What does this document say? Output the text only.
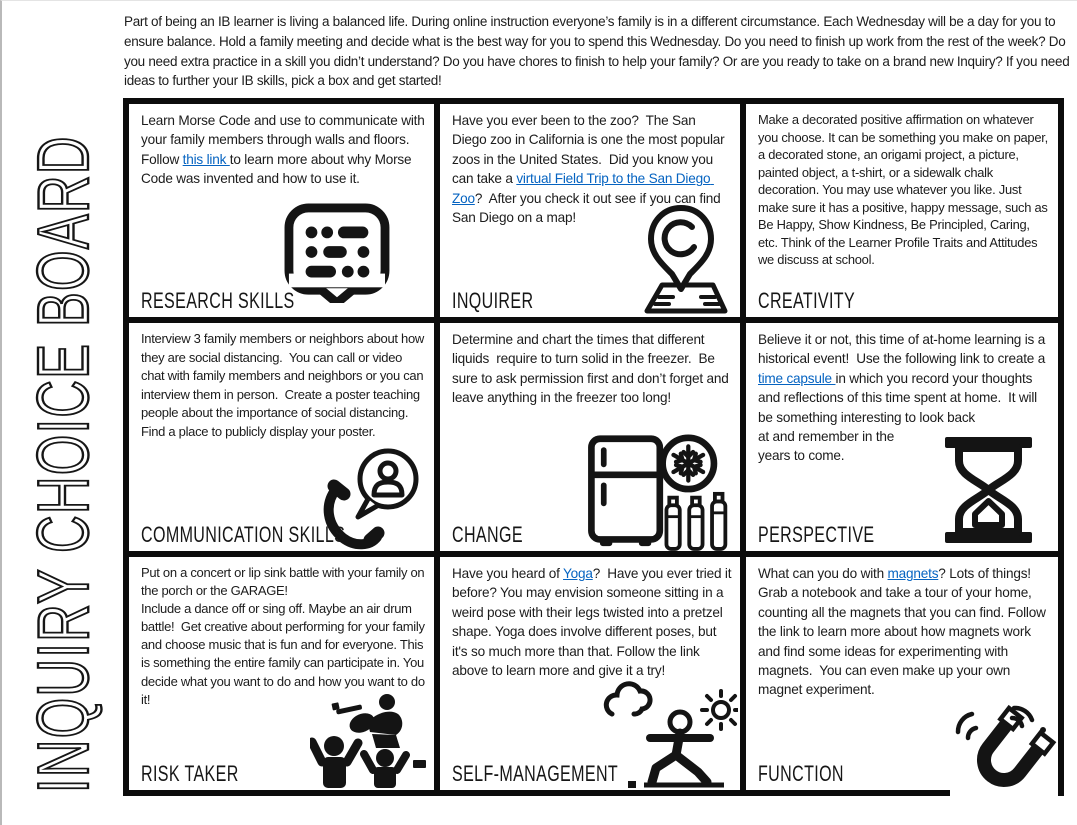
INQUIRY CHOICE BOARD

Part of being an IB learner is living a balanced life. During online instruction everyone’s family is in a different circumstance. Each Wednesday will be a day for you to ensure balance. Hold a family meeting and decide what is the best way for you to spend this Wednesday. Do you need to finish up work from the rest of the week? Do you need extra practice in a skill you didn’t understand? Do you have chores to finish to help your family? Or are you ready to take on a brand new Inquiry? If you need ideas to further your IB skills, pick a box and get started!

Learn Morse Code and use to communicate with your family members through walls and floors.  Follow this link to learn more about why Morse Code was invented and how to use it.

RESEARCH SKILLS

Have you ever been to the zoo?  The San Diego zoo in California is one the most popular zoos in the United States.  Did you know you can take a virtual Field Trip to the San Diego Zoo?  After you check it out see if you can find San Diego on a map!

INQUIRER

Make a decorated positive affirmation on whatever you choose. It can be something you make on paper, a decorated stone, an origami project, a picture, painted object, a t-shirt, or a sidewalk chalk decoration. You may use whatever you like. Just make sure it has a positive, happy message, such as Be Happy, Show Kindness, Be Principled, Caring, etc. Think of the Learner Profile Traits and Attitudes we discuss at school.

CREATIVITY

Interview 3 family members or neighbors about how they are social distancing.  You can call or video chat with family members and neighbors or you can interview them in person.  Create a poster teaching people about the importance of social distancing.  Find a place to publicly display your poster.

COMMUNICATION SKILLS

Determine and chart the times that different liquids  require to turn solid in the freezer.  Be sure to ask permission first and don’t forget and leave anything in the freezer too long!

CHANGE

Believe it or not, this time of at-home learning is a historical event!  Use the following link to create a time capsule in which you record your thoughts and reflections of this time spent at home.  It will be something interesting to look back
at and remember in the
years to come.

PERSPECTIVE

Put on a concert or lip sink battle with your family on the porch or the GARAGE!
Include a dance off or sing off. Maybe an air drum battle!  Get creative about performing for your family and choose music that is fun and for everyone. This is something the entire family can participate in. You decide what you want to do and how you want to do it!

RISK TAKER

Have you heard of Yoga?  Have you ever tried it before? You may envision someone sitting in a weird pose with their legs twisted into a pretzel shape. Yoga does involve different poses, but it's so much more than that. Follow the link above to learn more and give it a try!

SELF-MANAGEMENT

What can you do with magnets? Lots of things! Grab a notebook and take a tour of your home, counting all the magnets that you can find. Follow the link to learn more about how magnets work and find some ideas for experimenting with magnets.  You can even make up your own magnet experiment.

FUNCTION
